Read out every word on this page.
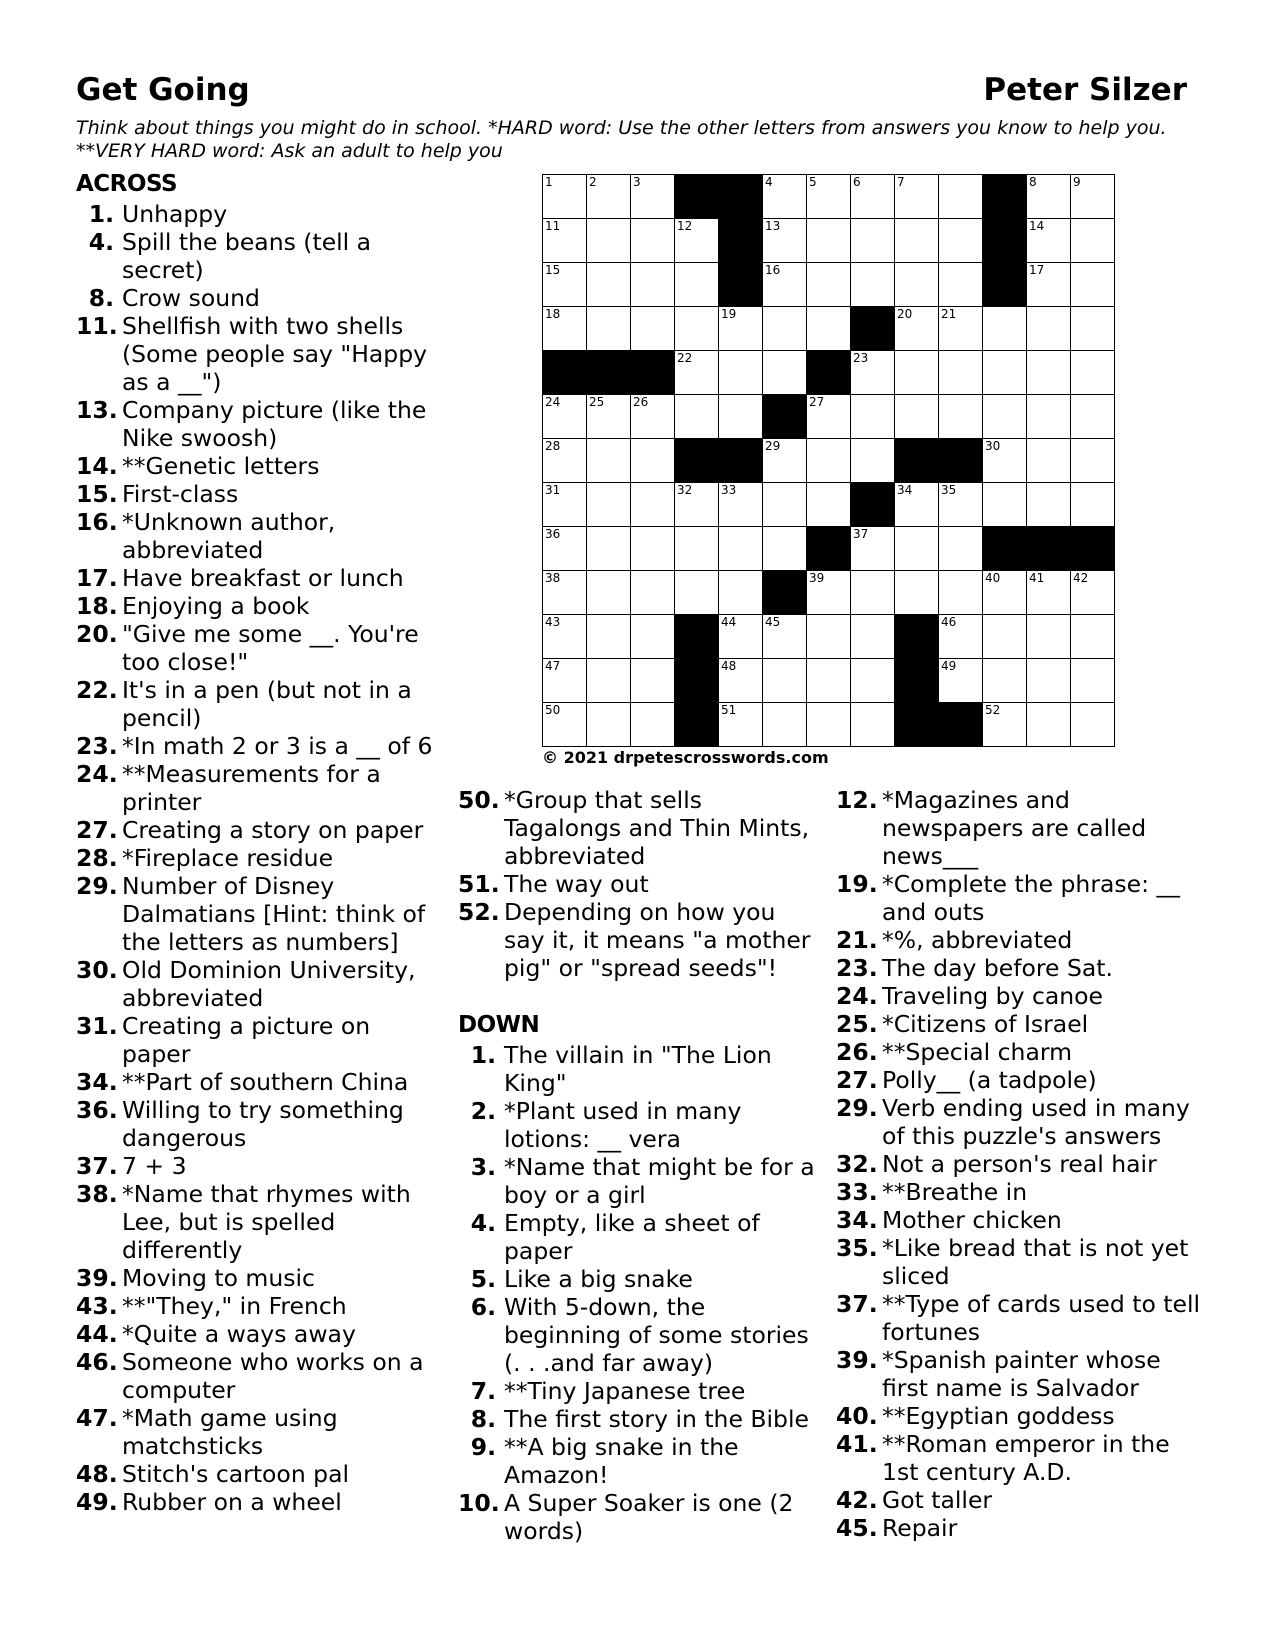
Get Going	Peter Silzer
Think about things you might do in school. *HARD word: Use the other letters from answers you know to help you. **VERY HARD word: Ask an adult to help you
ACROSS
1. Unhappy
4. Spill the beans (tell a secret)
8. Crow sound
11. Shellfish with two shells (Some people say "Happy as a __")
13. Company picture (like the Nike swoosh)
14. **Genetic letters
15. First-class
16. *Unknown author, abbreviated
17. Have breakfast or lunch
18. Enjoying a book
20. "Give me some __. You're too close!"
22. It's in a pen (but not in a pencil)
23. *In math 2 or 3 is a __ of 6
24. **Measurements for a printer
27. Creating a story on paper
28. *Fireplace residue
29. Number of Disney Dalmatians [Hint: think of the letters as numbers]
30. Old Dominion University, abbreviated
31. Creating a picture on paper
34. **Part of southern China
36. Willing to try something dangerous
37. 7 + 3
38. *Name that rhymes with Lee, but is spelled differently
39. Moving to music
43. **"They," in French
44. *Quite a ways away
46. Someone who works on a computer
47. *Math game using matchsticks
48. Stitch's cartoon pal
49. Rubber on a wheel
50. *Group that sells Tagalongs and Thin Mints, abbreviated
51. The way out
52. Depending on how you say it, it means "a mother pig" or "spread seeds"!
DOWN
1. The villain in "The Lion King"
2. *Plant used in many lotions: __ vera
3. *Name that might be for a boy or a girl
4. Empty, like a sheet of paper
5. Like a big snake
6. With 5-down, the beginning of some stories (. . .and far away)
7. **Tiny Japanese tree
8. The first story in the Bible
9. **A big snake in the Amazon!
10. A Super Soaker is one (2 words)
12. *Magazines and newspapers are called news___
19. *Complete the phrase: __ and outs
21. *%, abbreviated
23. The day before Sat.
24. Traveling by canoe
25. *Citizens of Israel
26. **Special charm
27. Polly__ (a tadpole)
29. Verb ending used in many of this puzzle's answers
32. Not a person's real hair
33. **Breathe in
34. Mother chicken
35. *Like bread that is not yet sliced
37. **Type of cards used to tell fortunes
39. *Spanish painter whose first name is Salvador
40. **Egyptian goddess
41. **Roman emperor in the 1st century A.D.
42. Got taller
45. Repair
1	2	3	4	5	6	7	8	9
11	12	13	14
15	16	17
18	19	20 21
22	23
24 25 26	27
28	29	30
31	32 33	34 35
36	37
38	39	40 41 42
43	44 45	46
47	48	49
50	51	52
© 2021 drpetescrosswords.com
